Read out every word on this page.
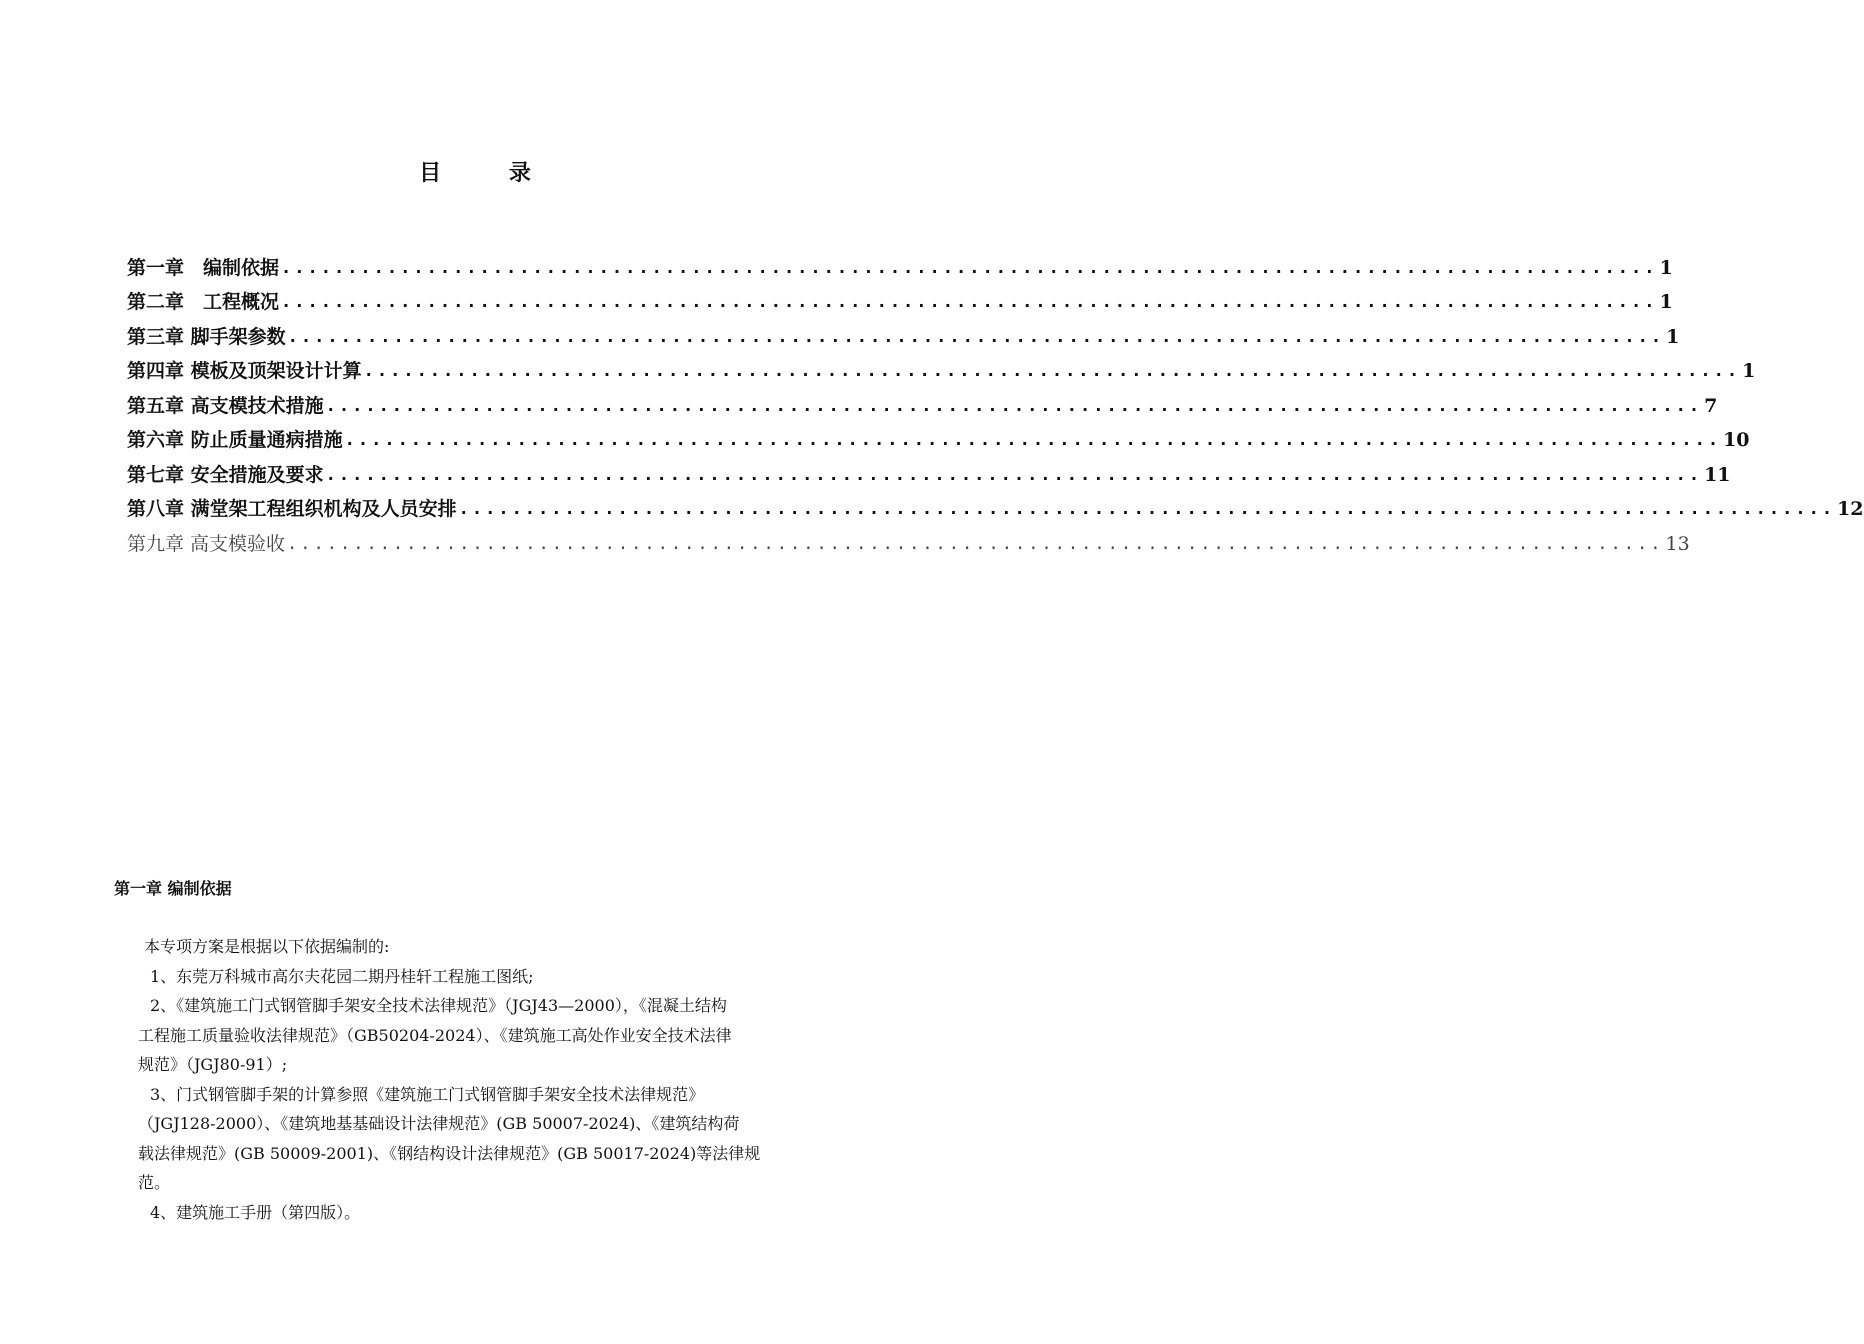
目 录
第一章　编制依据 ........................................................................................................ 1
第二章　工程概况 ........................................................................................................ 1
第三章 脚手架参数 ........................................................................................................ 1
第四章 模板及顶架设计计算 ........................................................................................................ 1
第五章 高支模技术措施 ........................................................................................................ 7
第六章 防止质量通病措施 ........................................................................................................ 10
第七章 安全措施及要求 ........................................................................................................ 11
第八章 满堂架工程组织机构及人员安排 ........................................................................................................ 12
第九章 高支模验收 ........................................................................................................ 13
第一章 编制依据

本专项方案是根据以下依据编制的:

1、东莞万科城市高尔夫花园二期丹桂轩工程施工图纸;

2、《建筑施工门式钢管脚手架安全技术法律规范》（JGJ43—2000），《混凝土结构

工程施工质量验收法律规范》（GB50204-2024）、《建筑施工高处作业安全技术法律

规范》（JGJ80-91）;

3、门式钢管脚手架的计算参照《建筑施工门式钢管脚手架安全技术法律规范》

（JGJ128-2000）、《建筑地基基础设计法律规范》(GB 50007-2024)、《建筑结构荷

载法律规范》(GB 50009-2001)、《钢结构设计法律规范》(GB 50017-2024)等法律规

范。

4、建筑施工手册（第四版）。
